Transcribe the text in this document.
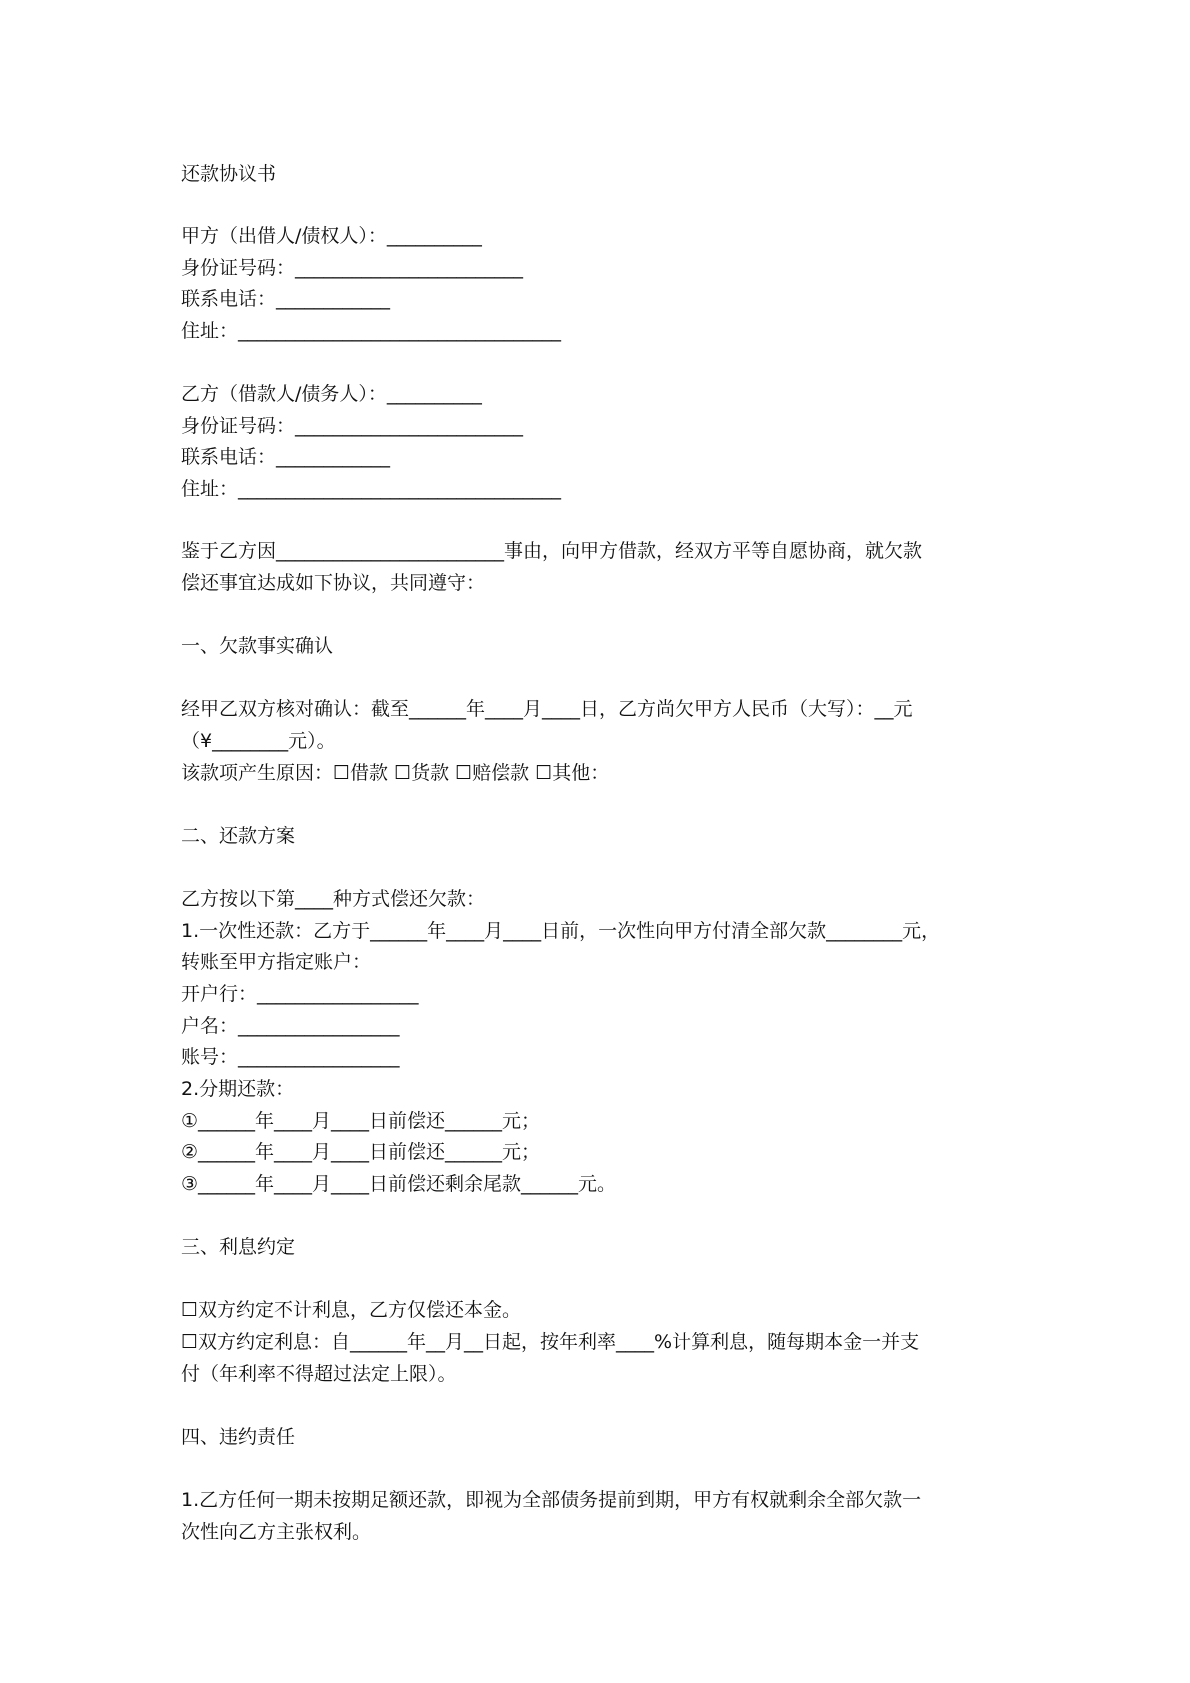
还款协议书
甲方（出借人/债权人）：__________
身份证号码：________________________
联系电话：____________
住址：__________________________________
乙方（借款人/债务人）：__________
身份证号码：________________________
联系电话：____________
住址：__________________________________
鉴于乙方因________________________事由，向甲方借款，经双方平等自愿协商，就欠款
偿还事宜达成如下协议，共同遵守：
一、欠款事实确认
经甲乙双方核对确认：截至______年____月____日，乙方尚欠甲方人民币（大写）：__元
（¥________元）。
该款项产生原因：☐借款 ☐货款 ☐赔偿款 ☐其他：
二、还款方案
乙方按以下第____种方式偿还欠款：
1.一次性还款：乙方于______年____月____日前，一次性向甲方付清全部欠款________元，
转账至甲方指定账户：
开户行：_________________
户名：_________________
账号：_________________
2.分期还款：
①______年____月____日前偿还______元；
②______年____月____日前偿还______元；
③______年____月____日前偿还剩余尾款______元。
三、利息约定
☐双方约定不计利息，乙方仅偿还本金。
☐双方约定利息：自______年__月__日起，按年利率____%计算利息，随每期本金一并支
付（年利率不得超过法定上限）。
四、违约责任
1.乙方任何一期未按期足额还款，即视为全部债务提前到期，甲方有权就剩余全部欠款一
次性向乙方主张权利。
